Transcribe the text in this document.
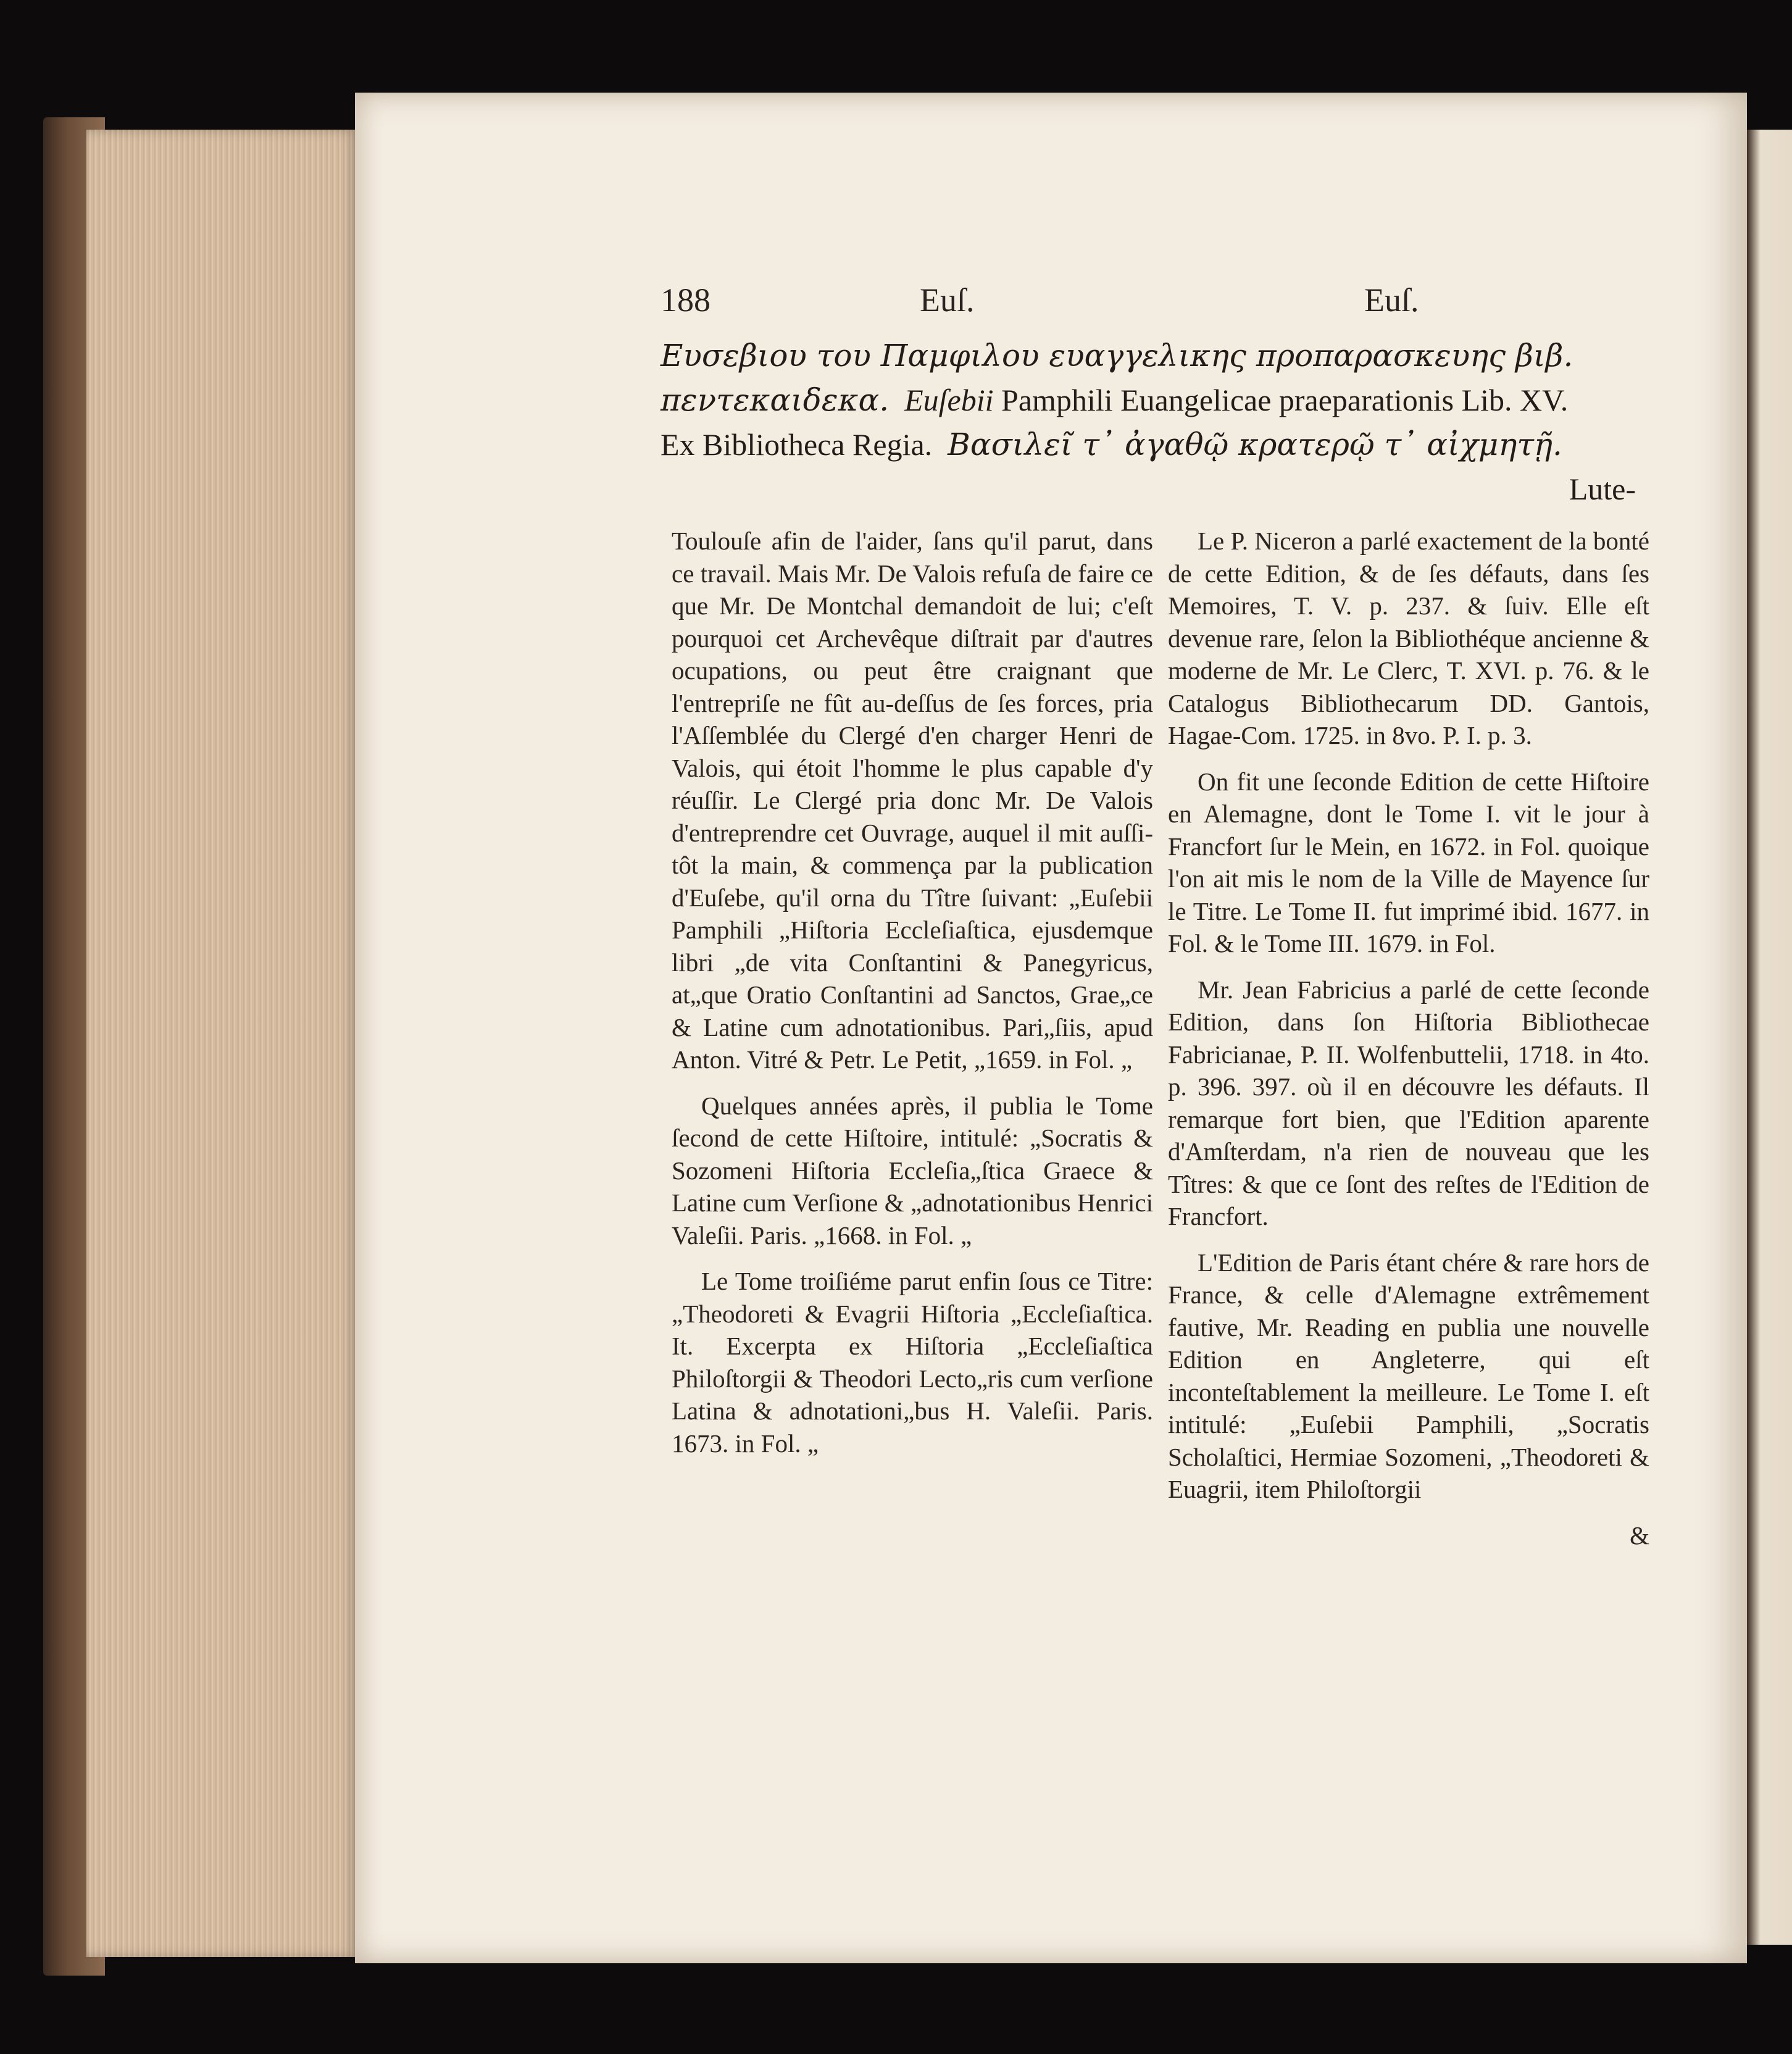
188	Euſ.	Euſ.
Ευσεβιου του Παμφιλου ευαγγελικης προπαρασκευης βιβ.
πεντεκαιδεκα. Euſebii Pamphili Euangelicae praeparationis Lib. XV.
Ex Bibliotheca Regia. Βασιλεῖ τ᾽ ἀγαθῷ κρατερῷ τ᾽ αἰχμητῇ.
Lute-

Toulouſe afin de l'aider, ſans qu'il parut, dans ce travail. Mais Mr. De Valois refuſa de faire ce que Mr. De Montchal demandoit de lui; c'eſt pourquoi cet Archevêque diſtrait par d'autres ocupations, ou peut être craignant que l'entrepriſe ne fût au-deſſus de ſes forces, pria l'Aſſemblée du Clergé d'en charger Henri de Valois, qui étoit l'homme le plus capable d'y réuſſir. Le Clergé pria donc Mr. De Valois d'entreprendre cet Ouvrage, auquel il mit auſſi-tôt la main, & commença par la publication d'Euſebe, qu'il orna du Tître ſuivant: „Euſebii Pamphili „Hiſtoria Eccleſiaſtica, ejusdemque libri „de vita Conſtantini & Panegyricus, at„que Oratio Conſtantini ad Sanctos, Grae„ce & Latine cum adnotationibus. Pari„ſiis, apud Anton. Vitré & Petr. Le Petit, „1659. in Fol. „

Quelques années après, il publia le Tome ſecond de cette Hiſtoire, intitulé: „Socratis & Sozomeni Hiſtoria Eccleſia„ſtica Graece & Latine cum Verſione & „adnotationibus Henrici Valeſii. Paris. „1668. in Fol. „

Le Tome troiſiéme parut enfin ſous ce Titre: „Theodoreti & Evagrii Hiſtoria „Eccleſiaſtica. It. Excerpta ex Hiſtoria „Eccleſiaſtica Philoſtorgii & Theodori Lecto„ris cum verſione Latina & adnotationi„bus H. Valeſii. Paris. 1673. in Fol. „

Le P. Niceron a parlé exactement de la bonté de cette Edition, & de ſes défauts, dans ſes Memoires, T. V. p. 237. & ſuiv. Elle eſt devenue rare, ſelon la Bibliothéque ancienne & moderne de Mr. Le Clerc, T. XVI. p. 76. & le Catalogus Bibliothecarum DD. Gantois, Hagae-Com. 1725. in 8vo. P. I. p. 3.

On fit une ſeconde Edition de cette Hiſtoire en Alemagne, dont le Tome I. vit le jour à Francfort ſur le Mein, en 1672. in Fol. quoique l'on ait mis le nom de la Ville de Mayence ſur le Titre. Le Tome II. fut imprimé ibid. 1677. in Fol. & le Tome III. 1679. in Fol.

Mr. Jean Fabricius a parlé de cette ſeconde Edition, dans ſon Hiſtoria Bibliothecae Fabricianae, P. II. Wolfenbuttelii, 1718. in 4to. p. 396. 397. où il en découvre les défauts. Il remarque fort bien, que l'Edition aparente d'Amſterdam, n'a rien de nouveau que les Tîtres: & que ce ſont des reſtes de l'Edition de Francfort.

L'Edition de Paris étant chére & rare hors de France, & celle d'Alemagne extrêmement fautive, Mr. Reading en publia une nouvelle Edition en Angleterre, qui eſt inconteſtablement la meilleure. Le Tome I. eſt intitulé: „Euſebii Pamphili, „Socratis Scholaſtici, Hermiae Sozomeni, „Theodoreti & Euagrii, item Philoſtorgii

&
